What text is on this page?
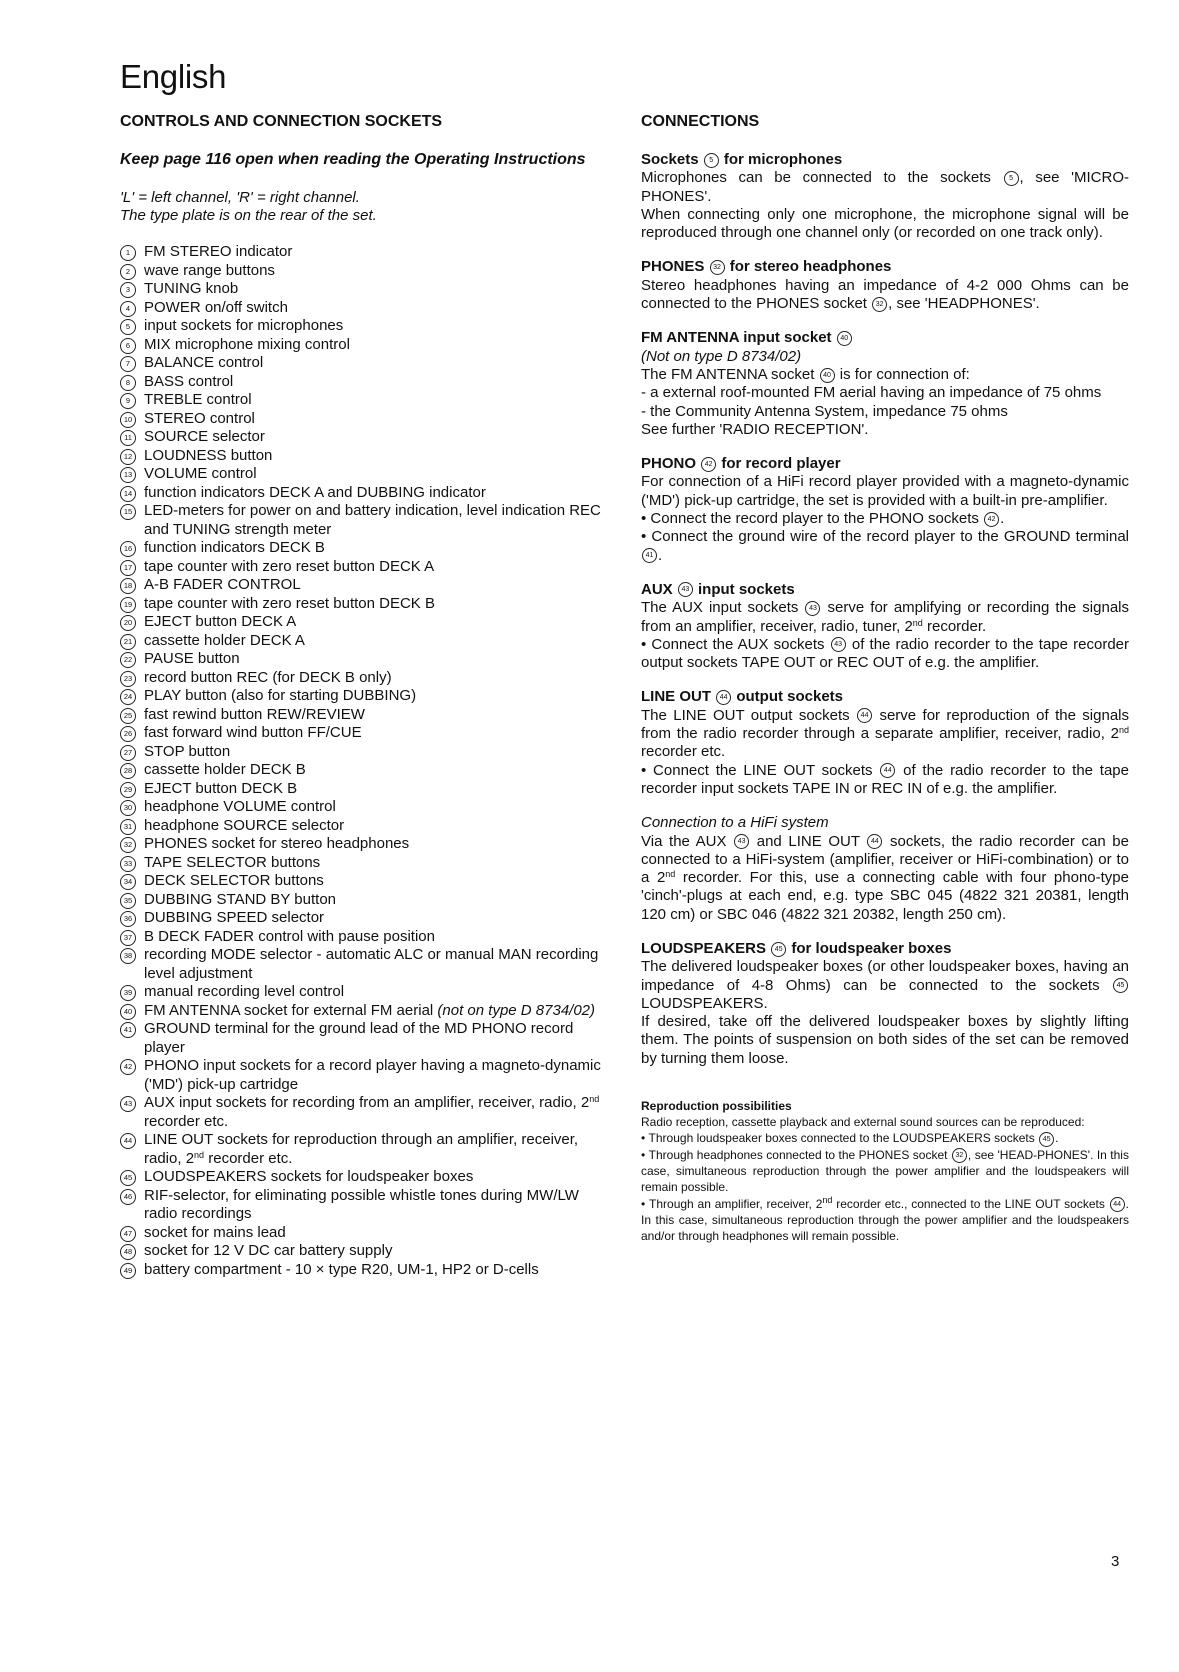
English
CONTROLS AND CONNECTION SOCKETS
Keep page 116 open when reading the Operating Instructions
'L' = left channel, 'R' = right channel.
The type plate is on the rear of the set.
1 FM STEREO indicator
2 wave range buttons
3 TUNING knob
4 POWER on/off switch
5 input sockets for microphones
6 MIX microphone mixing control
7 BALANCE control
8 BASS control
9 TREBLE control
10 STEREO control
11 SOURCE selector
12 LOUDNESS button
13 VOLUME control
14 function indicators DECK A and DUBBING indicator
15 LED-meters for power on and battery indication, level indication REC and TUNING strength meter
16 function indicators DECK B
17 tape counter with zero reset button DECK A
18 A-B FADER CONTROL
19 tape counter with zero reset button DECK B
20 EJECT button DECK A
21 cassette holder DECK A
22 PAUSE button
23 record button REC (for DECK B only)
24 PLAY button (also for starting DUBBING)
25 fast rewind button REW/REVIEW
26 fast forward wind button FF/CUE
27 STOP button
28 cassette holder DECK B
29 EJECT button DECK B
30 headphone VOLUME control
31 headphone SOURCE selector
32 PHONES socket for stereo headphones
33 TAPE SELECTOR buttons
34 DECK SELECTOR buttons
35 DUBBING STAND BY button
36 DUBBING SPEED selector
37 B DECK FADER control with pause position
38 recording MODE selector - automatic ALC or manual MAN recording level adjustment
39 manual recording level control
40 FM ANTENNA socket for external FM aerial (not on type D 8734/02)
41 GROUND terminal for the ground lead of the MD PHONO record player
42 PHONO input sockets for a record player having a magneto-dynamic ('MD') pick-up cartridge
43 AUX input sockets for recording from an amplifier, receiver, radio, 2nd recorder etc.
44 LINE OUT sockets for reproduction through an amplifier, receiver, radio, 2nd recorder etc.
45 LOUDSPEAKERS sockets for loudspeaker boxes
46 RIF-selector, for eliminating possible whistle tones during MW/LW radio recordings
47 socket for mains lead
48 socket for 12 V DC car battery supply
49 battery compartment - 10 × type R20, UM-1, HP2 or D-cells
CONNECTIONS
Sockets 5 for microphones
Microphones can be connected to the sockets	5 , see 'MICRO-PHONES'.
When connecting only one microphone, the microphone signal will be reproduced through one channel only (or recorded on one track only).
PHONES 32 for stereo headphones
Stereo headphones having an impedance of 4-2 000 Ohms can be connected to the PHONES socket 32 , see 'HEADPHONES'.
FM ANTENNA input socket 40
(Not on type D 8734/02)
The FM ANTENNA socket 40 is for connection of:
- a external roof-mounted FM aerial having an impedance of 75 ohms
- the Community Antenna System, impedance 75 ohms
See further 'RADIO RECEPTION'.
PHONO 42 for record player
For connection of a HiFi record player provided with a magneto-dynamic ('MD') pick-up cartridge, the set is provided with a built-in pre-amplifier.
• Connect the record player to the PHONO sockets 42 .
• Connect the ground wire of the record player to the GROUND terminal 41 .
AUX 43 input sockets
The AUX input sockets 43 serve for amplifying or recording the signals from an amplifier, receiver, radio, tuner, 2nd recorder.
• Connect the AUX sockets 43 of the radio recorder to the tape recorder output sockets TAPE OUT or REC OUT of e.g. the amplifier.
LINE OUT 44 output sockets
The LINE OUT output sockets 44 serve for reproduction of the signals from the radio recorder through a separate amplifier, receiver, radio, 2nd recorder etc.
• Connect the LINE OUT sockets 44 of the radio recorder to the tape recorder input sockets TAPE IN or REC IN of e.g. the amplifier.
Connection to a HiFi system
Via the AUX 43 and LINE OUT 44 sockets, the radio recorder can be connected to a HiFi-system (amplifier, receiver or HiFi-combination) or to a 2nd recorder. For this, use a connecting cable with four phono-type 'cinch'-plugs at each end, e.g. type SBC 045 (4822 321 20381, length 120 cm) or SBC 046 (4822 321 20382, length 250 cm).
LOUDSPEAKERS 45 for loudspeaker boxes
The delivered loudspeaker boxes (or other loudspeaker boxes, having an impedance of 4-8 Ohms) can be connected to the sockets 45 LOUDSPEAKERS.
If desired, take off the delivered loudspeaker boxes by slightly lifting them. The points of suspension on both sides of the set can be removed by turning them loose.
Reproduction possibilities
Radio reception, cassette playback and external sound sources can be reproduced:
• Through loudspeaker boxes connected to the LOUDSPEAKERS sockets 45 .
• Through headphones connected to the PHONES socket 32 , see 'HEAD-PHONES'. In this case, simultaneous reproduction through the power amplifier and the loudspeakers will remain possible.
• Through an amplifier, receiver, 2nd recorder etc., connected to the LINE OUT sockets 44 . In this case, simultaneous reproduction through the power amplifier and the loudspeakers and/or through headphones will remain possible.
3
